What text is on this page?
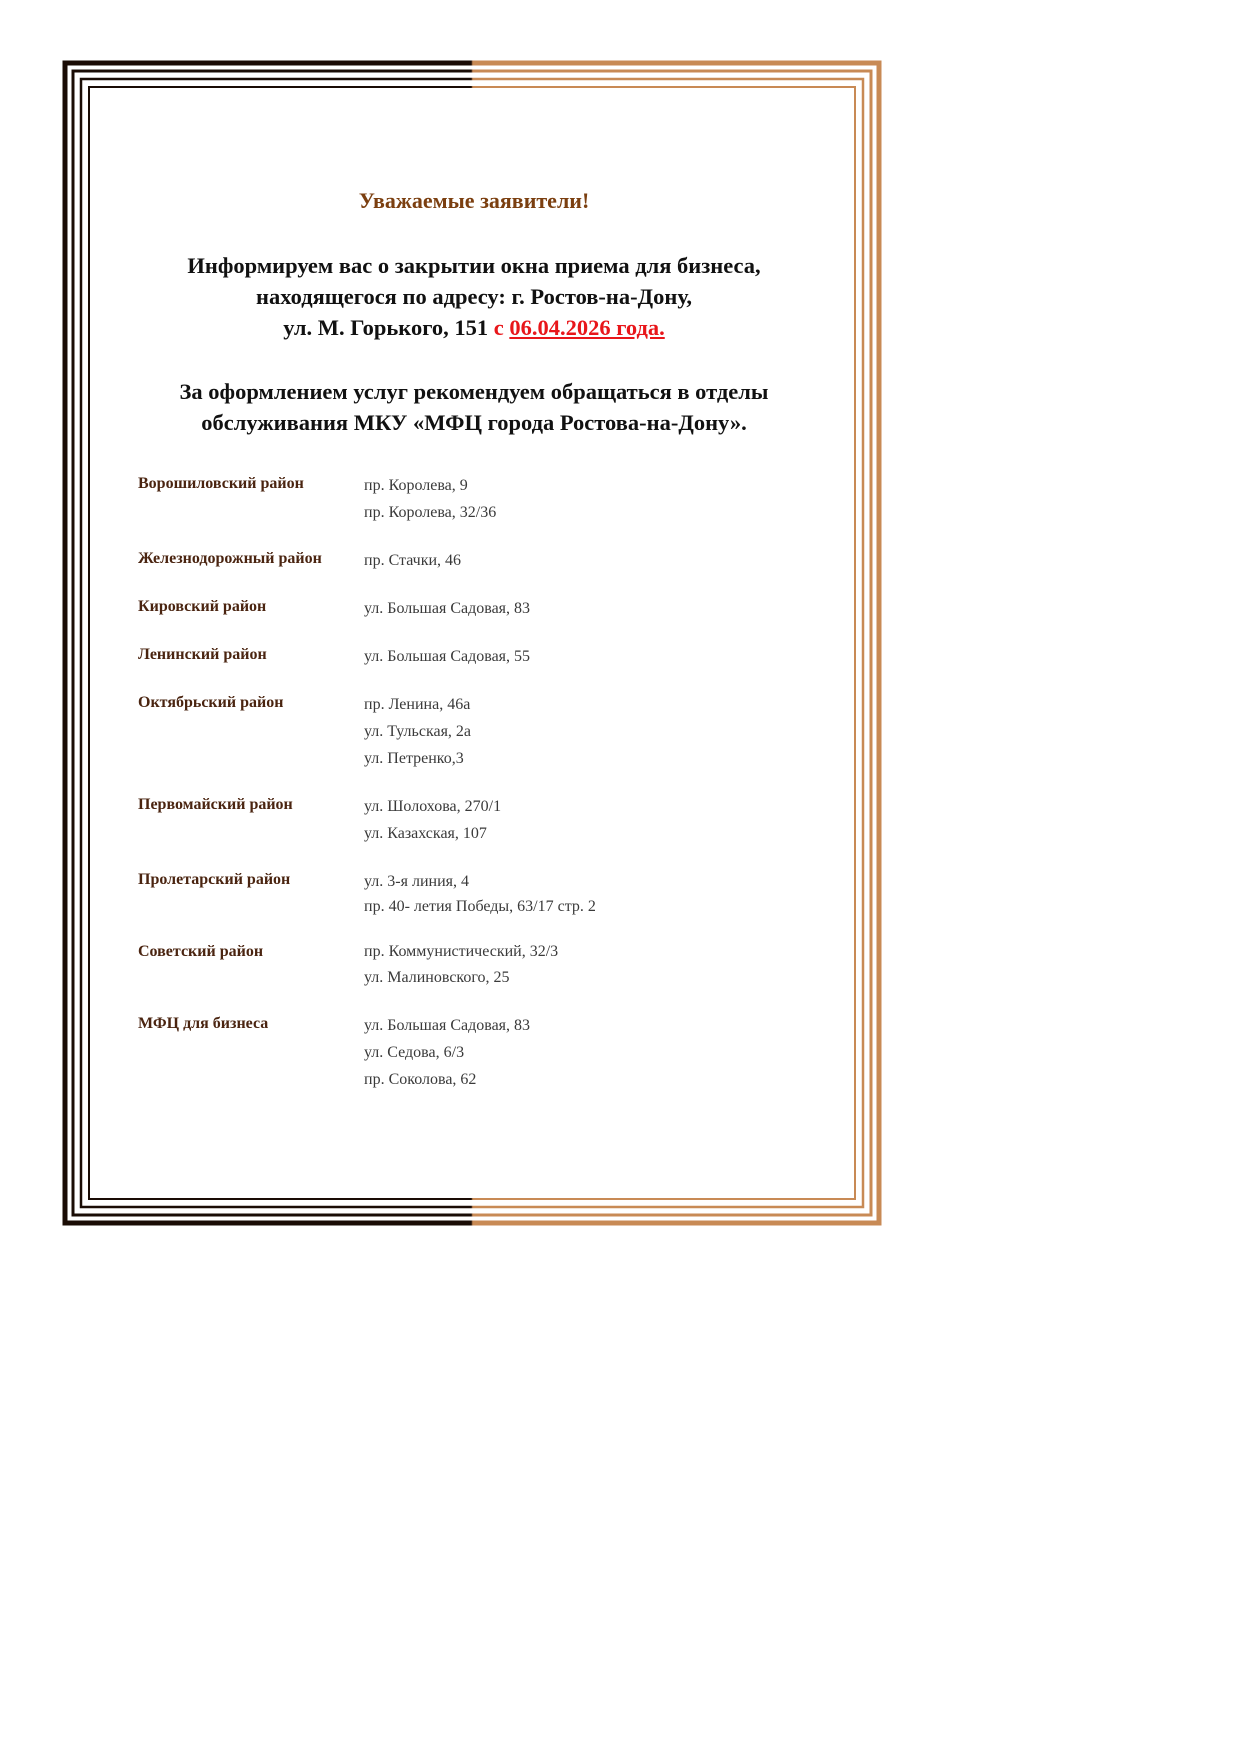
Уважаемые заявители!
Информируем вас о закрытии окна приема для бизнеса,
находящегося по адресу: г. Ростов-на-Дону,
ул. М. Горького, 151 с 06.04.2026 года.
За оформлением услуг рекомендуем обращаться в отделы
обслуживания МКУ «МФЦ города Ростова-на-Дону».
Ворошиловский район	пр. Королева, 9
пр. Королева, 32/36
Железнодорожный район	пр. Стачки, 46
Кировский район	ул. Большая Садовая, 83
Ленинский район	ул. Большая Садовая, 55
Октябрьский район	пр. Ленина, 46а
ул. Тульская, 2а
ул. Петренко,3
Первомайский район	ул. Шолохова, 270/1
ул. Казахская, 107
Пролетарский район	ул. 3-я линия, 4
пр. 40- летия Победы, 63/17 стр. 2
Советский район	пр. Коммунистический, 32/3
ул. Малиновского, 25
МФЦ для бизнеса	ул. Большая Садовая, 83
ул. Седова, 6/3
пр. Соколова, 62
